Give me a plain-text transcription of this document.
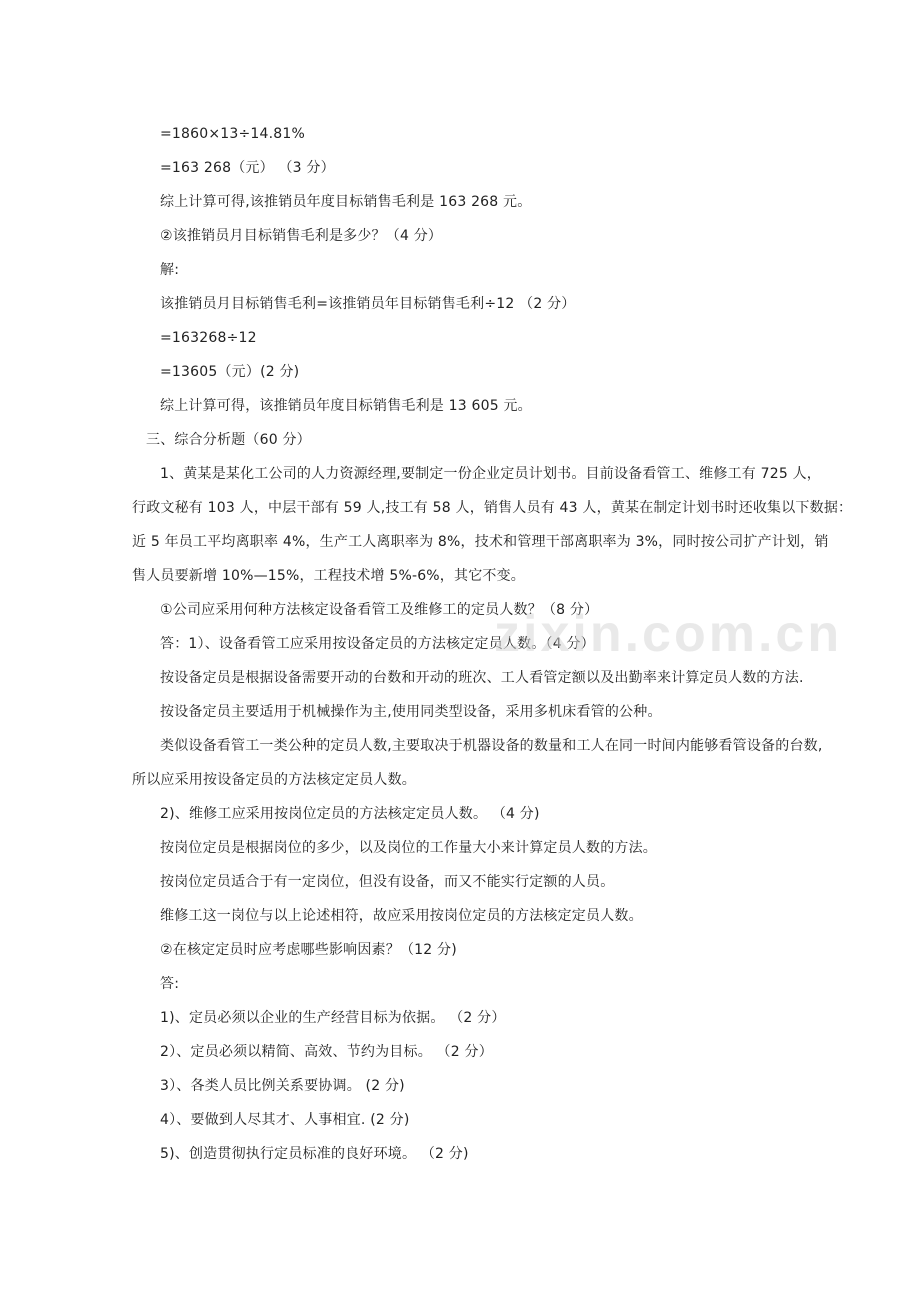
=1860×13÷14.81%
=163 268（元） （3 分）
综上计算可得,该推销员年度目标销售毛利是 163 268 元。
②该推销员月目标销售毛利是多少？（4 分）
解:
该推销员月目标销售毛利=该推销员年目标销售毛利÷12 （2 分）
=163268÷12
=13605（元）(2 分)
综上计算可得，该推销员年度目标销售毛利是 13 605 元。
三、综合分析题（60 分）
1、黄某是某化工公司的人力资源经理,要制定一份企业定员计划书。目前设备看管工、维修工有 725 人，
行政文秘有 103 人，中层干部有 59 人,技工有 58 人，销售人员有 43 人，黄某在制定计划书时还收集以下数据：
近 5 年员工平均离职率 4%，生产工人离职率为 8%，技术和管理干部离职率为 3%，同时按公司扩产计划，销
售人员要新增 10%—15%，工程技术增 5%-6%，其它不变。
①公司应采用何种方法核定设备看管工及维修工的定员人数？（8 分）
答：1）、设备看管工应采用按设备定员的方法核定定员人数。（4 分）
按设备定员是根据设备需要开动的台数和开动的班次、工人看管定额以及出勤率来计算定员人数的方法.
按设备定员主要适用于机械操作为主,使用同类型设备，采用多机床看管的公种。
类似设备看管工一类公种的定员人数,主要取决于机器设备的数量和工人在同一时间内能够看管设备的台数,
所以应采用按设备定员的方法核定定员人数。
2)、维修工应采用按岗位定员的方法核定定员人数。 （4 分)
按岗位定员是根据岗位的多少，以及岗位的工作量大小来计算定员人数的方法。
按岗位定员适合于有一定岗位，但没有设备，而又不能实行定额的人员。
维修工这一岗位与以上论述相符，故应采用按岗位定员的方法核定定员人数。
②在核定定员时应考虑哪些影响因素？（12 分)
答:
1)、定员必须以企业的生产经营目标为依据。 （2 分）
2）、定员必须以精简、高效、节约为目标。 （2 分）
3）、各类人员比例关系要协调。 (2 分)
4）、要做到人尽其才、人事相宜. (2 分)
5)、创造贯彻执行定员标准的良好环境。 （2 分)
zixin.com.cn
